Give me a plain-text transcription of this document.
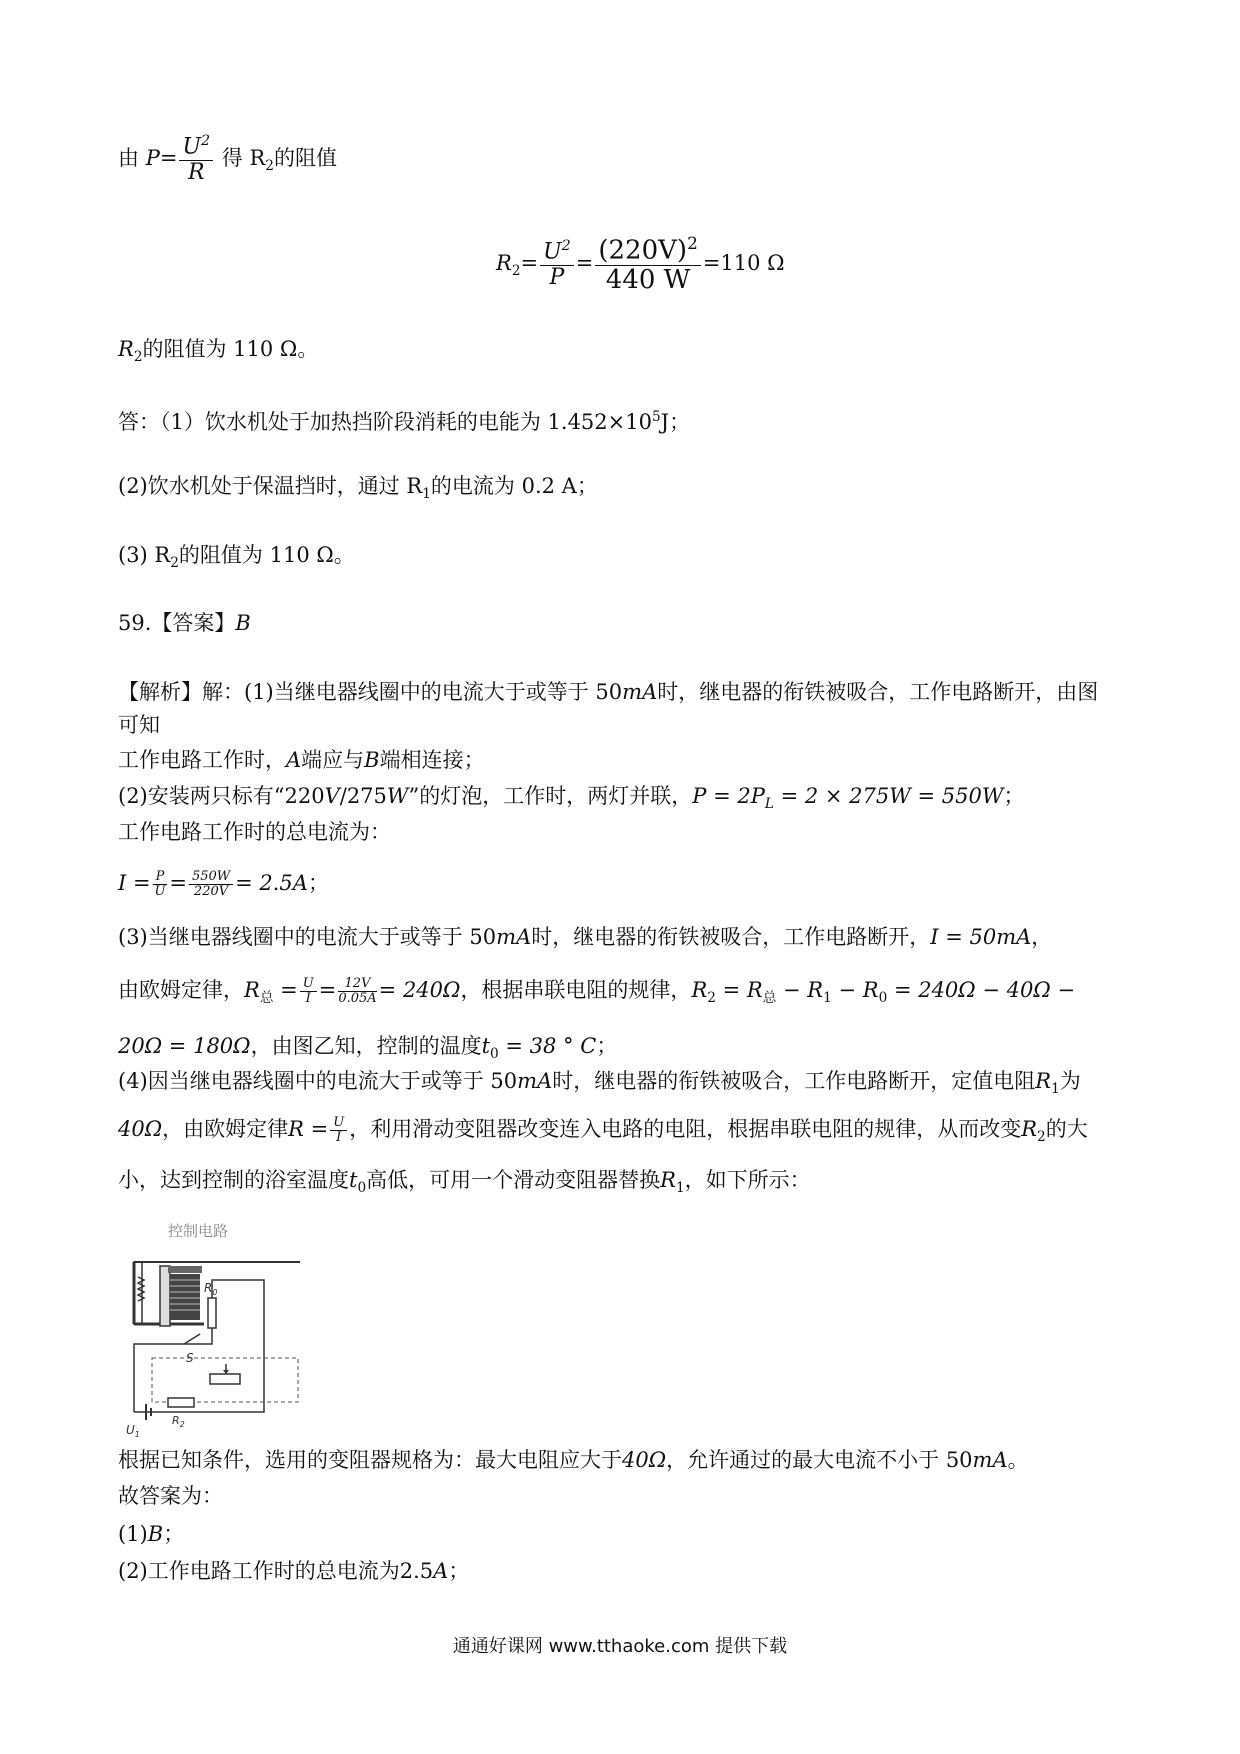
由 $P= \frac{U^2}{R}$ 得 $R_2$的阻值
$R_2= \frac{U^2}{P} = \frac{(220V)^2}{440 W} =110$ Ω
$R_2$的阻值为 110 Ω。
答：（1）饮水机处于加热挡阶段消耗的电能为 $1.452\times 10^5J$；
(2)饮水机处于保温挡时，通过 $R_1$的电流为 0.2 A；
(3) $R_2$的阻值为 110 Ω。
59.【答案】B
【解析】解：(1)当继电器线圈中的电流大于或等于 50mA时，继电器的衔铁被吸合，工作电路断开，由图
可知
工作电路工作时，A端应与B端相连接；
(2)安装两只标有“220V/275W”的灯泡，工作时，两灯并联，$P = 2P_L = 2 \times 275W = 550W$；
工作电路工作时的总电流为：
$I = \frac{P}{U} = \frac{550W}{220V} = 2.5A$；
(3)当继电器线圈中的电流大于或等于 50mA时，继电器的衔铁被吸合，工作电路断开，I = 50mA，
由欧姆定律，$R_总 = \frac{U}{I} = \frac{12V}{0.05A} = 240\Omega$，根据串联电阻的规律，$R_2 = R_总 - R_1 - R_0 = 240\Omega - 40\Omega$ −
20Ω = 180Ω，由图乙知，控制的温度$t_0 = 38$ ° C；
(4)因当继电器线圈中的电流大于或等于 50mA时，继电器的衔铁被吸合，工作电路断开，定值电阻$R_1$为
40Ω，由欧姆定律$R = \frac{U}{I}$ ，利用滑动变阻器改变连入电路的电阻，根据串联电阻的规律，从而改变$R_2$的大
小，达到控制的浴室温度$t_0$高低，可用一个滑动变阻器替换$R_1$，如下所示：
控制电路
$R_0$
S
$R_2$
$U_1$
根据已知条件，选用的变阻器规格为：最大电阻应大于40Ω，允许通过的最大电流不小于 50mA。
故答案为：
(1)B；
(2)工作电路工作时的总电流为2.5A；
通通好课网 www.tthaoke.com 提供下载
